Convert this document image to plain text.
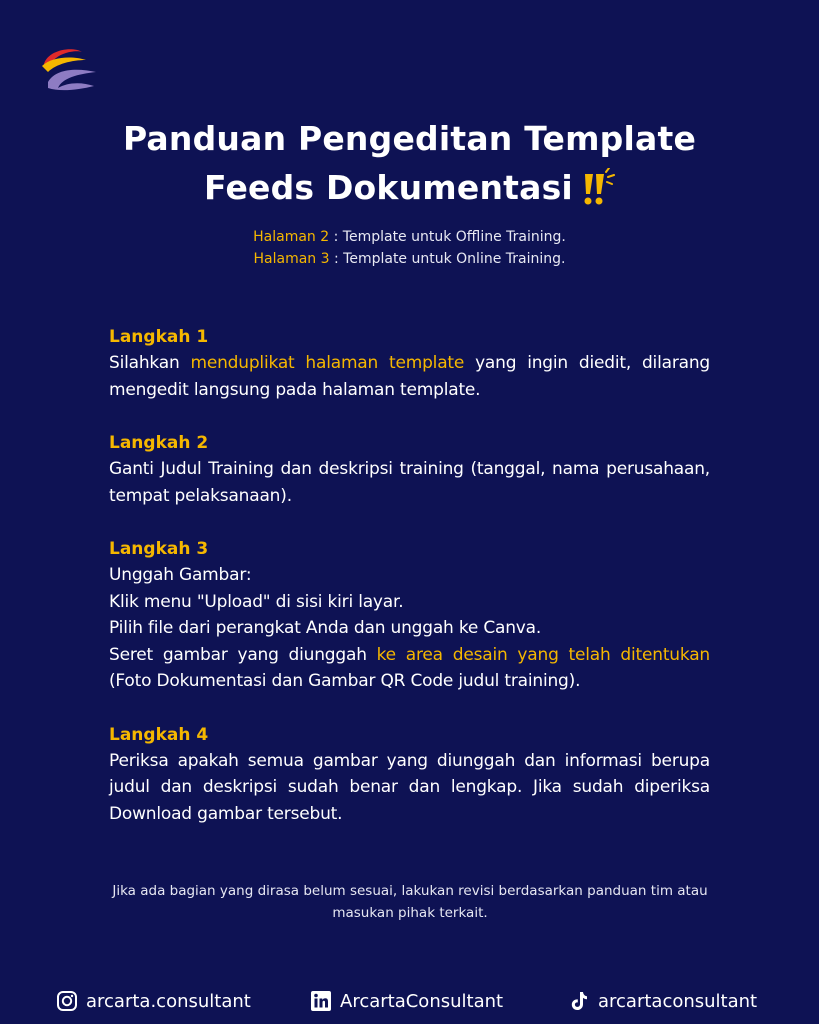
Panduan Pengeditan Template
Feeds Dokumentasi
Halaman 2 : Template untuk Offline Training.
Halaman 3 : Template untuk Online Training.
Langkah 1
Silahkan menduplikat halaman template yang ingin diedit, dilarang mengedit langsung pada halaman template.
Langkah 2
Ganti Judul Training dan deskripsi training (tanggal, nama perusahaan, tempat pelaksanaan).
Langkah 3
Unggah Gambar:
Klik menu "Upload" di sisi kiri layar.
Pilih file dari perangkat Anda dan unggah ke Canva.
Seret gambar yang diunggah ke area desain yang telah ditentukan (Foto Dokumentasi dan Gambar QR Code judul training).
Langkah 4
Periksa apakah semua gambar yang diunggah dan informasi berupa judul dan deskripsi sudah benar dan lengkap. Jika sudah diperiksa Download gambar tersebut.
Jika ada bagian yang dirasa belum sesuai, lakukan revisi berdasarkan panduan tim atau masukan pihak terkait.
arcarta.consultant	ArcartaConsultant	arcartaconsultant
